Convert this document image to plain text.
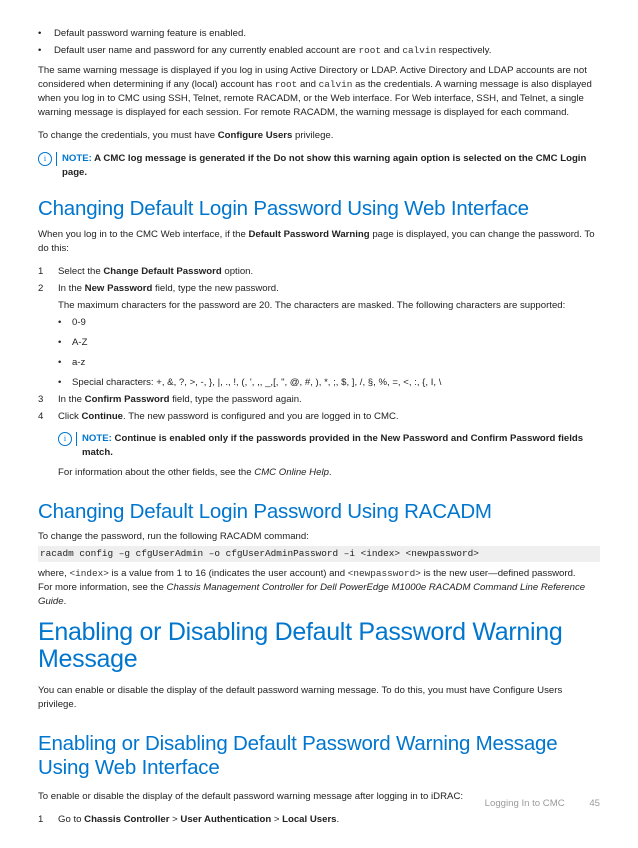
• Default password warning feature is enabled.
• Default user name and password for any currently enabled account are root and calvin respectively.

The same warning message is displayed if you log in using Active Directory or LDAP. Active Directory and LDAP accounts are not considered when determining if any (local) account has root and calvin as the credentials. A warning message is also displayed when you log in to CMC using SSH, Telnet, remote RACADM, or the Web interface. For Web interface, SSH, and Telnet, a single warning message is displayed for each session. For remote RACADM, the warning message is displayed for each command.

To change the credentials, you must have Configure Users privilege.

i	NOTE: A CMC log message is generated if the Do not show this warning again option is selected on the CMC Login page.
Changing Default Login Password Using Web Interface

When you log in to the CMC Web interface, if the Default Password Warning page is displayed, you can change the password. To do this:

1 Select the Change Default Password option.
2 In the New Password field, type the new password.
The maximum characters for the password are 20. The characters are masked. The following characters are supported:
• 0-9
• A-Z
• a-z
• Special characters: +, &, ?, >, -, }, |, ., !, (, ', ,, _,[, ", @, #, ), *, ;, $, ], /, §, %, =, <, :, {, I, \
3 In the Confirm Password field, type the password again.
4 Click Continue. The new password is configured and you are logged in to CMC.
i	NOTE: Continue is enabled only if the passwords provided in the New Password and Confirm Password fields match.
For information about the other fields, see the CMC Online Help.
Changing Default Login Password Using RACADM

To change the password, run the following RACADM command:

racadm config –g cfgUserAdmin –o cfgUserAdminPassword –i <index> <newpassword>

where, <index> is a value from 1 to 16 (indicates the user account) and <newpassword> is the new user—defined password.

For more information, see the Chassis Management Controller for Dell PowerEdge M1000e RACADM Command Line Reference Guide.

Enabling or Disabling Default Password Warning Message

You can enable or disable the display of the default password warning message. To do this, you must have Configure Users privilege.

Enabling or Disabling Default Password Warning Message Using Web Interface

To enable or disable the display of the default password warning message after logging in to iDRAC:

1 Go to Chassis Controller > User Authentication > Local Users.
Logging In to CMC	45
